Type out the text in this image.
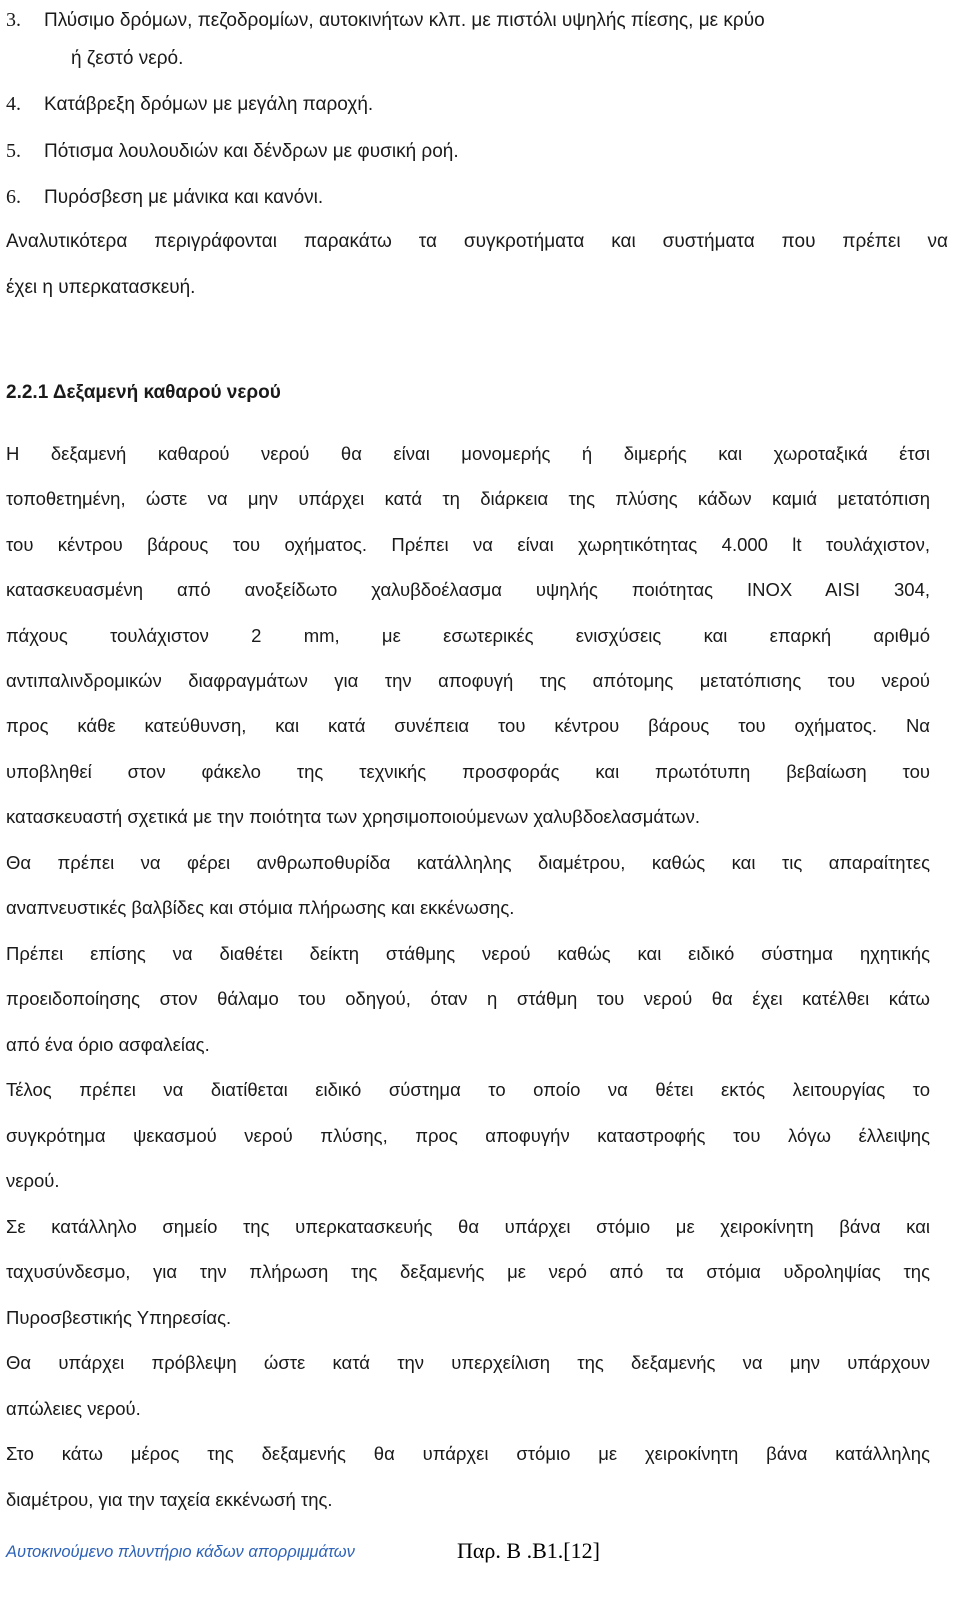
3. Πλύσιμο δρόμων, πεζοδρομίων, αυτοκινήτων κλπ. με πιστόλι υψηλής πίεσης, με κρύο
ή ζεστό νερό.
4. Κατάβρεξη δρόμων με μεγάλη παροχή.
5. Πότισμα λουλουδιών και δένδρων με φυσική ροή.
6. Πυρόσβεση με μάνικα και κανόνι.
Αναλυτικότερα περιγράφονται παρακάτω τα συγκροτήματα και συστήματα που πρέπει να
έχει η υπερκατασκευή.
2.2.1 Δεξαμενή καθαρού νερού
Η δεξαμενή καθαρού νερού θα είναι μονομερής ή διμερής και χωροταξικά έτσι
τοποθετημένη, ώστε να μην υπάρχει κατά τη διάρκεια της πλύσης κάδων καμιά μετατόπιση
του κέντρου βάρους του οχήματος. Πρέπει να είναι χωρητικότητας 4.000 lt τουλάχιστον,
κατασκευασμένη από ανοξείδωτο χαλυβδοέλασμα υψηλής ποιότητας INOX AISI 304,
πάχους τουλάχιστον 2 mm, με εσωτερικές ενισχύσεις και επαρκή αριθμό
αντιπαλινδρομικών διαφραγμάτων για την αποφυγή της απότομης μετατόπισης του νερού
προς κάθε κατεύθυνση, και κατά συνέπεια του κέντρου βάρους του οχήματος. Να
υποβληθεί στον φάκελο της τεχνικής προσφοράς και πρωτότυπη βεβαίωση του
κατασκευαστή σχετικά με την ποιότητα των χρησιμοποιούμενων χαλυβδοελασμάτων.
Θα πρέπει να φέρει ανθρωποθυρίδα κατάλληλης διαμέτρου, καθώς και τις απαραίτητες
αναπνευστικές βαλβίδες και στόμια πλήρωσης και εκκένωσης.
Πρέπει επίσης να διαθέτει δείκτη στάθμης νερού καθώς και ειδικό σύστημα ηχητικής
προειδοποίησης στον θάλαμο του οδηγού, όταν η στάθμη του νερού θα έχει κατέλθει κάτω
από ένα όριο ασφαλείας.
Τέλος πρέπει να διατίθεται ειδικό σύστημα το οποίο να θέτει εκτός λειτουργίας το
συγκρότημα ψεκασμού νερού πλύσης, προς αποφυγήν καταστροφής του λόγω έλλειψης
νερού.
Σε κατάλληλο σημείο της υπερκατασκευής θα υπάρχει στόμιο με χειροκίνητη βάνα και
ταχυσύνδεσμο, για την πλήρωση της δεξαμενής με νερό από τα στόμια υδροληψίας της
Πυροσβεστικής Υπηρεσίας.
Θα υπάρχει πρόβλεψη ώστε κατά την υπερχείλιση της δεξαμενής να μην υπάρχουν
απώλειες νερού.
Στο κάτω μέρος της δεξαμενής θα υπάρχει στόμιο με χειροκίνητη βάνα κατάλληλης
διαμέτρου, για την ταχεία εκκένωσή της.
Αυτοκινούμενο πλυντήριο κάδων απορριμμάτων	Παρ. Β .Β1.[12]
